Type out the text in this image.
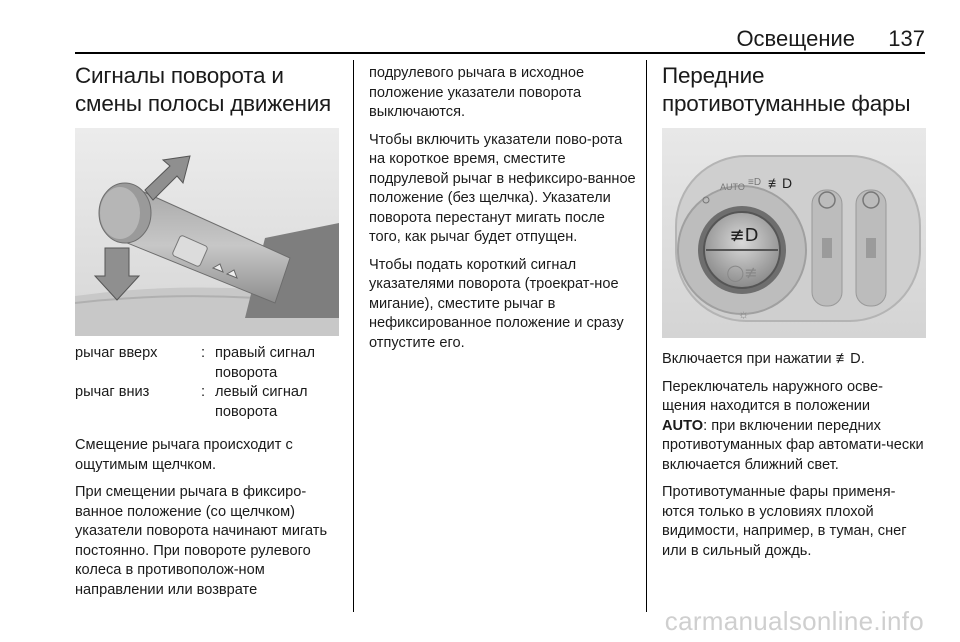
Освещение 137
Сигналы поворота и
смены полосы движения
рычаг вверх	: правый сигнал поворота
рычаг вниз	: левый сигнал поворота

Смещение рычага происходит с ощутимым щелчком.

При смещении рычага в фиксиро-ванное положение (со щелчком) указатели поворота начинают мигать постоянно. При повороте рулевого колеса в противополож-ном направлении или возврате

подрулевого рычага в исходное положение указатели поворота выключаются.

Чтобы включить указатели пово-рота на короткое время, сместите подрулевой рычаг в нефиксиро-ванное положение (без щелчка). Указатели поворота перестанут мигать после того, как рычаг будет отпущен.

Чтобы подать короткий сигнал указателями поворота (троекрат-ное мигание), сместите рычаг в нефиксированное положение и сразу отпустите его.

Передние
противотуманные фары
≢D
◯≢
AUTO ≡D ≢D
☼

Включается при нажатии ≢D.

Переключатель наружного осве-щения находится в положении
AUTO: при включении передних противотуманных фар автомати-чески включается ближний свет.

Противотуманные фары применя-ются только в условиях плохой видимости, например, в туман, снег или в сильный дождь.

carmanualsonline.info
